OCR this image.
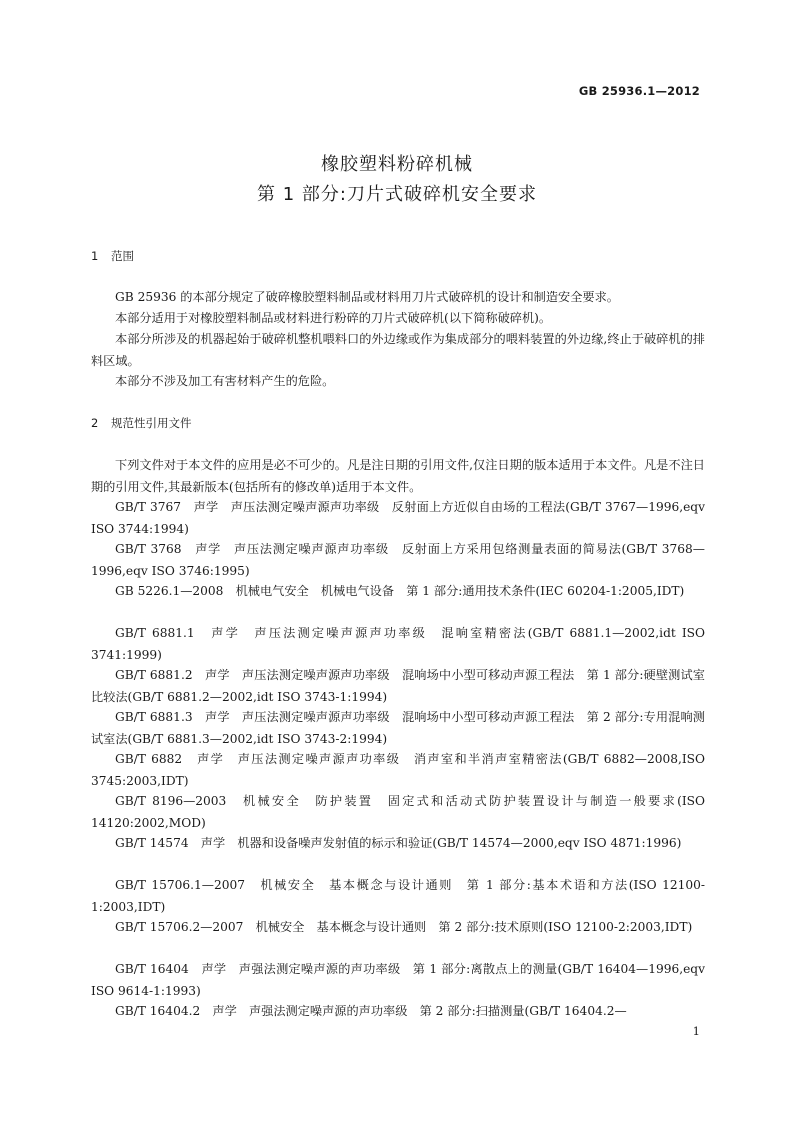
GB 25936.1—2012
橡胶塑料粉碎机械
第 1 部分:刀片式破碎机安全要求
1 范围

GB 25936 的本部分规定了破碎橡胶塑料制品或材料用刀片式破碎机的设计和制造安全要求。

本部分适用于对橡胶塑料制品或材料进行粉碎的刀片式破碎机(以下简称破碎机)。

本部分所涉及的机器起始于破碎机整机喂料口的外边缘或作为集成部分的喂料装置的外边缘,终止于破碎机的排料区域。

本部分不涉及加工有害材料产生的危险。

2 规范性引用文件

下列文件对于本文件的应用是必不可少的。凡是注日期的引用文件,仅注日期的版本适用于本文件。凡是不注日期的引用文件,其最新版本(包括所有的修改单)适用于本文件。

GB/T 3767　声学　声压法测定噪声源声功率级　反射面上方近似自由场的工程法(GB/T 3767—1996,eqv ISO 3744:1994)

GB/T 3768　声学　声压法测定噪声源声功率级　反射面上方采用包络测量表面的简易法(GB/T 3768—1996,eqv ISO 3746:1995)

GB 5226.1—2008　机械电气安全　机械电气设备　第 1 部分:通用技术条件(IEC 60204-1:2005,IDT)

GB/T 6881.1　声学　声压法测定噪声源声功率级　混响室精密法(GB/T 6881.1—2002,idt ISO 3741:1999)

GB/T 6881.2　声学　声压法测定噪声源声功率级　混响场中小型可移动声源工程法　第 1 部分:硬壁测试室比较法(GB/T 6881.2—2002,idt ISO 3743-1:1994)

GB/T 6881.3　声学　声压法测定噪声源声功率级　混响场中小型可移动声源工程法　第 2 部分:专用混响测试室法(GB/T 6881.3—2002,idt ISO 3743-2:1994)

GB/T 6882　声学　声压法测定噪声源声功率级　消声室和半消声室精密法(GB/T 6882—2008,ISO 3745:2003,IDT)

GB/T 8196—2003　机械安全　防护装置　固定式和活动式防护装置设计与制造一般要求(ISO 14120:2002,MOD)

GB/T 14574　声学　机器和设备噪声发射值的标示和验证(GB/T 14574—2000,eqv ISO 4871:1996)

GB/T 15706.1—2007　机械安全　基本概念与设计通则　第 1 部分:基本术语和方法(ISO 12100-1:2003,IDT)

GB/T 15706.2—2007　机械安全　基本概念与设计通则　第 2 部分:技术原则(ISO 12100-2:2003,IDT)

GB/T 16404　声学　声强法测定噪声源的声功率级　第 1 部分:离散点上的测量(GB/T 16404—1996,eqv ISO 9614-1:1993)

GB/T 16404.2　声学　声强法测定噪声源的声功率级　第 2 部分:扫描测量(GB/T 16404.2—

1
